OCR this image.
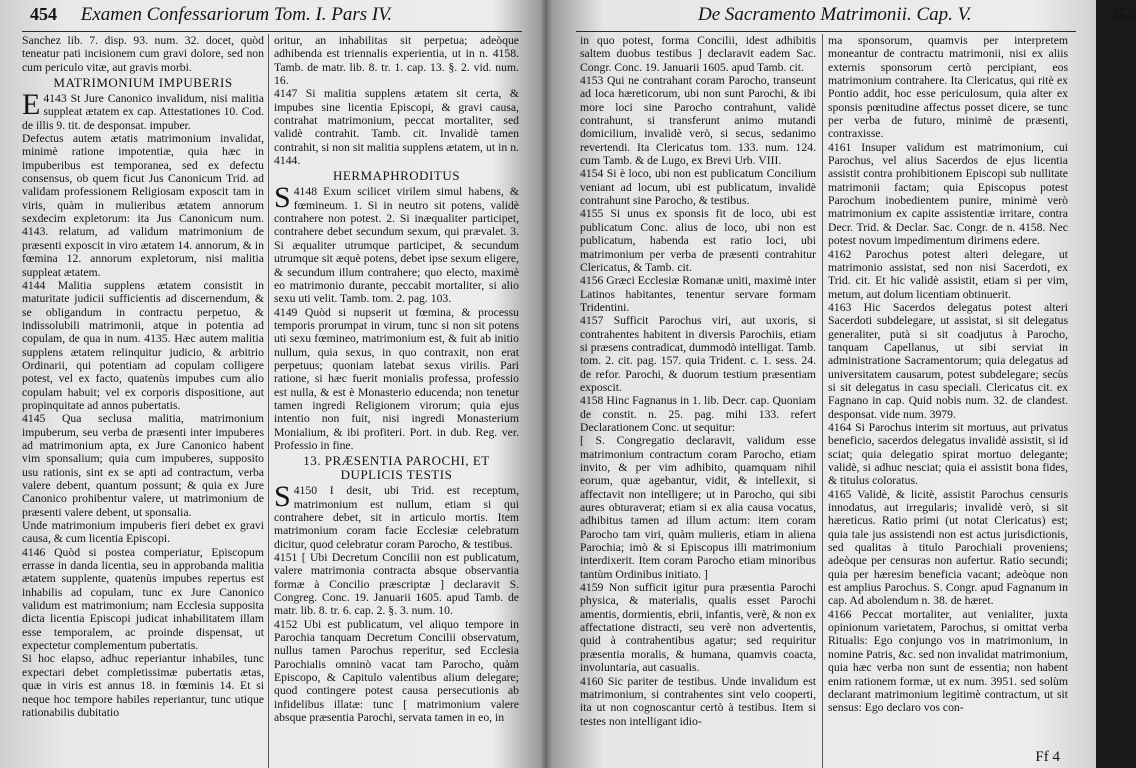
454 Examen Confessariorum Tom. I. Pars IV.

Sanchez lib. 7. disp. 93. num. 32. docet, quòd teneatur pati incisionem cum gravi dolore, sed non cum periculo vitæ, aut gravis morbi.

MATRIMONIUM IMPUBERIS

E 4143 St Jure Canonico invalidum, nisi malitia suppleat ætatem ex cap. Attestationes 10. Cod. de illis 9. tit. de desponsat. impuber.

Defectus autem ætatis matrimonium invalidat, minimè ratione impotentiæ, quia hæc in impuberibus est temporanea, sed ex defectu consensus, ob quem ficut Jus Canonicum Trid. ad validam professionem Religiosam exposcit tam in viris, quàm in mulieribus ætatem annorum sexdecim expletorum: ita Jus Canonicum num. 4143. relatum, ad validum matrimonium de præsenti exposcit in viro ætatem 14. annorum, & in fœmina 12. annorum expletorum, nisi malitia suppleat ætatem.

4144 Malitia supplens ætatem consistit in maturitate judicii sufficientis ad discernendum, & se obligandum in contractu perpetuo, & indissolubili matrimonii, atque in potentia ad copulam, de qua in num. 4135. Hæc autem malitia supplens ætatem relinquitur judicio, & arbitrio Ordinarii, qui potentiam ad copulam colligere potest, vel ex facto, quatenùs impubes cum alio copulam habuit; vel ex corporis dispositione, aut propinquitate ad annos pubertatis.

4145 Qua seclusa malitia, matrimonium impuberum, seu verba de præsenti inter impuberes ad matrimonium apta, ex Jure Canonico habent vim sponsalium; quia cum impuberes, supposito usu rationis, sint ex se apti ad contractum, verba valere debent, quantum possunt; & quia ex Jure Canonico prohibentur valere, ut matrimonium de præsenti valere debent, ut sponsalia.

Unde matrimonium impuberis fieri debet ex gravi causa, & cum licentia Episcopi.

4146 Quòd si postea comperiatur, Episcopum errasse in danda licentia, seu in approbanda malitia ætatem supplente, quatenùs impubes repertus est inhabilis ad copulam, tunc ex Jure Canonico validum est matrimonium; nam Ecclesia supposita dicta licentia Episcopi judicat inhabilitatem illam esse temporalem, ac proinde dispensat, ut expectetur complementum pubertatis.

Si hoc elapso, adhuc reperiantur inhabiles, tunc expectari debet completissimæ pubertatis ætas, quæ in viris est annus 18. in fœminis 14. Et si neque hoc tempore habiles reperiantur, tunc utique rationabilis dubitatio

oritur, an inhabilitas sit perpetua; adeòque adhibenda est triennalis experientia, ut in n. 4158. Tamb. de matr. lib. 8. tr. 1. cap. 13. §. 2. vid. num. 16.

4147 Si malitia supplens ætatem sit certa, & impubes sine licentia Episcopi, & gravi causa, contrahat matrimonium, peccat mortaliter, sed validè contrahit. Tamb. cit. Invalidè tamen contrahit, si non sit malitia supplens ætatem, ut in n. 4144.

HERMAPHRODITUS

S 4148 Exum scilicet virilem simul habens, & fœmineum. 1. Si in neutro sit potens, validè contrahere non potest. 2. Si inæqualiter participet, contrahere debet secundum sexum, qui prævalet. 3. Si æqualiter utrumque participet, & secundum utrumque sit æquè potens, debet ipse sexum eligere, & secundum illum contrahere; quo electo, maximè eo matrimonio durante, peccabit mortaliter, si alio sexu uti velit. Tamb. tom. 2. pag. 103.

4149 Quòd si nupserit ut fœmina, & processu temporis prorumpat in virum, tunc si non sit potens uti sexu fœmineo, matrimonium est, & fuit ab initio nullum, quia sexus, in quo contraxit, non erat perpetuus; quoniam latebat sexus virilis. Pari ratione, si hæc fuerit monialis professa, professio est nulla, & est è Monasterio educenda; non tenetur tamen ingredi Religionem virorum; quia ejus intentio non fuit, nisi ingredi Monasterium Monialium, & ibi profiteri. Port. in dub. Reg. ver. Professio in fine.

13. PRÆSENTIA PAROCHI, ET DUPLICIS TESTIS

S 4150 I desit, ubi Trid. est receptum, matrimonium est nullum, etiam si qui contrahere debet, sit in articulo mortis. Item matrimonium coram facie Ecclesiæ celebratum dicitur, quod celebratur coram Parocho, & testibus.

4151 [ Ubi Decretum Concilii non est publicatum, valere matrimonia contracta absque observantia formæ à Concilio præscriptæ ] declaravit S. Congreg. Conc. 19. Januarii 1605. apud Tamb. de matr. lib. 8. tr. 6. cap. 2. §. 3. num. 10.

4152 Ubi est publicatum, vel aliquo tempore in Parochia tanquam Decretum Concilii observatum, nullus tamen Parochus reperitur, sed Ecclesia Parochialis omninò vacat tam Parocho, quàm Episcopo, & Capitulo valentibus alium delegare; quod contingere potest causa persecutionis ab infidelibus illatæ: tunc [ matrimonium valere absque præsentia Parochi, servata tamen in eo, in

De Sacramento Matrimonii. Cap. V.	455

in quo potest, forma Concilii, idest adhibitis saltem duobus testibus ] declaravit eadem Sac. Congr. Conc. 19. Januarii 1605. apud Tamb. cit.

4153 Qui ne contrahant coram Parocho, transeunt ad loca hæreticorum, ubi non sunt Parochi, & ibi more loci sine Parocho contrahunt, validè contrahunt, si transferunt animo mutandi domicilium, invalidè verò, si secus, sedanimo revertendi. Ita Clericatus tom. 133. num. 124. cum Tamb. & de Lugo, ex Brevi Urb. VIII.

4154 Si è loco, ubi non est publicatum Concilium veniant ad locum, ubi est publicatum, invalidè contrahunt sine Parocho, & testibus.

4155 Si unus ex sponsis fit de loco, ubi est publicatum Conc. alius de loco, ubi non est publicatum, habenda est ratio loci, ubi matrimonium per verba de præsenti contrahitur Clericatus, & Tamb. cit.

4156 Græci Ecclesiæ Romanæ uniti, maximè inter Latinos habitantes, tenentur servare formam Tridentini.

4157 Sufficit Parochus viri, aut uxoris, si contrahentes habitent in diversis Parochiis, etiam si præsens contradicat, dummodò intelligat. Tamb. tom. 2. cit. pag. 157. quia Trident. c. 1. sess. 24. de refor. Parochi, & duorum testium præsentiam exposcit.

4158 Hinc Fagnanus in 1. lib. Decr. cap. Quoniam de constit. n. 25. pag. mihi 133. refert Declarationem Conc. ut sequitur:

[ S. Congregatio declaravit, validum esse matrimonium contractum coram Parocho, etiam invito, & per vim adhibito, quamquam nihil eorum, quæ agebantur, vidit, & intellexit, si affectavit non intelligere; ut in Parocho, qui sibi aures obturaverat; etiam si ex alia causa vocatus, adhibitus tamen ad illum actum: item coram Parocho tam viri, quàm mulieris, etiam in aliena Parochia; imò & si Episcopus illi matrimonium interdixerit. Item coram Parocho etiam minoribus tantùm Ordinibus initiato. ]

4159 Non sufficit igitur pura præsentia Parochi physica, & materialis, qualis esset Parochi amentis, dormientis, ebrii, infantis, verè, & non ex affectatione distracti, seu verè non advertentis, quid à contrahentibus agatur; sed requiritur præsentia moralis, & humana, quamvis coacta, involuntaria, aut casualis.

4160 Sic pariter de testibus. Unde invalidum est matrimonium, si contrahentes sint velo cooperti, ita ut non cognoscantur certò à testibus. Item si testes non intelligant idio-

ma sponsorum, quamvis per interpretem moneantur de contractu matrimonii, nisi ex aliis externis sponsorum certò percipiant, eos matrimonium contrahere. Ita Clericatus, qui ritè ex Pontio addit, hoc esse periculosum, quia alter ex sponsis pœnitudine affectus posset dicere, se tunc per verba de futuro, minimè de præsenti, contraxisse.

4161 Insuper validum est matrimonium, cui Parochus, vel alius Sacerdos de ejus licentia assistit contra prohibitionem Episcopi sub nullitate matrimonii factam; quia Episcopus potest Parochum inobedientem punire, minimè verò matrimonium ex capite assistentiæ irritare, contra Decr. Trid. & Declar. Sac. Congr. de n. 4158. Nec potest novum impedimentum dirimens edere.

4162 Parochus potest alteri delegare, ut matrimonio assistat, sed non nisi Sacerdoti, ex Trid. cit. Et hic validè assistit, etiam si per vim, metum, aut dolum licentiam obtinuerit.

4163 Hic Sacerdos delegatus potest alteri Sacerdoti subdelegare, ut assistat, si sit delegatus generaliter, putà si sit coadjutus à Parocho, tanquam Capellanus, ut sibi serviat in administratione Sacramentorum; quia delegatus ad universitatem causarum, potest subdelegare; secùs si sit delegatus in casu speciali. Clericatus cit. ex Fagnano in cap. Quid nobis num. 32. de clandest. desponsat. vide num. 3979.

4164 Si Parochus interim sit mortuus, aut privatus beneficio, sacerdos delegatus invalidè assistit, si id sciat; quia delegatio spirat mortuo delegante; validè, si adhuc nesciat; quia ei assistit bona fides, & titulus coloratus.

4165 Validè, & licitè, assistit Parochus censuris innodatus, aut irregularis; invalidè verò, si sit hæreticus. Ratio primi (ut notat Clericatus) est; quia tale jus assistendi non est actus jurisdictionis, sed qualitas à titulo Parochiali proveniens; adeòque per censuras non aufertur. Ratio secundi; quia per hæresim beneficia vacant; adeòque non est amplius Parochus. S. Congr. apud Fagnanum in cap. Ad abolendum n. 38. de hæret.

4166 Peccat mortaliter, aut venialiter, juxta opinionum varietatem, Parochus, si omittat verba Ritualis: Ego conjungo vos in matrimonium, in nomine Patris, &c. sed non invalidat matrimonium, quia hæc verba non sunt de essentia; non habent enim rationem formæ, ut ex num. 3951. sed solùm declarant matrimonium legitimè contractum, ut sit sensus: Ego declaro vos con-

Ff 4
